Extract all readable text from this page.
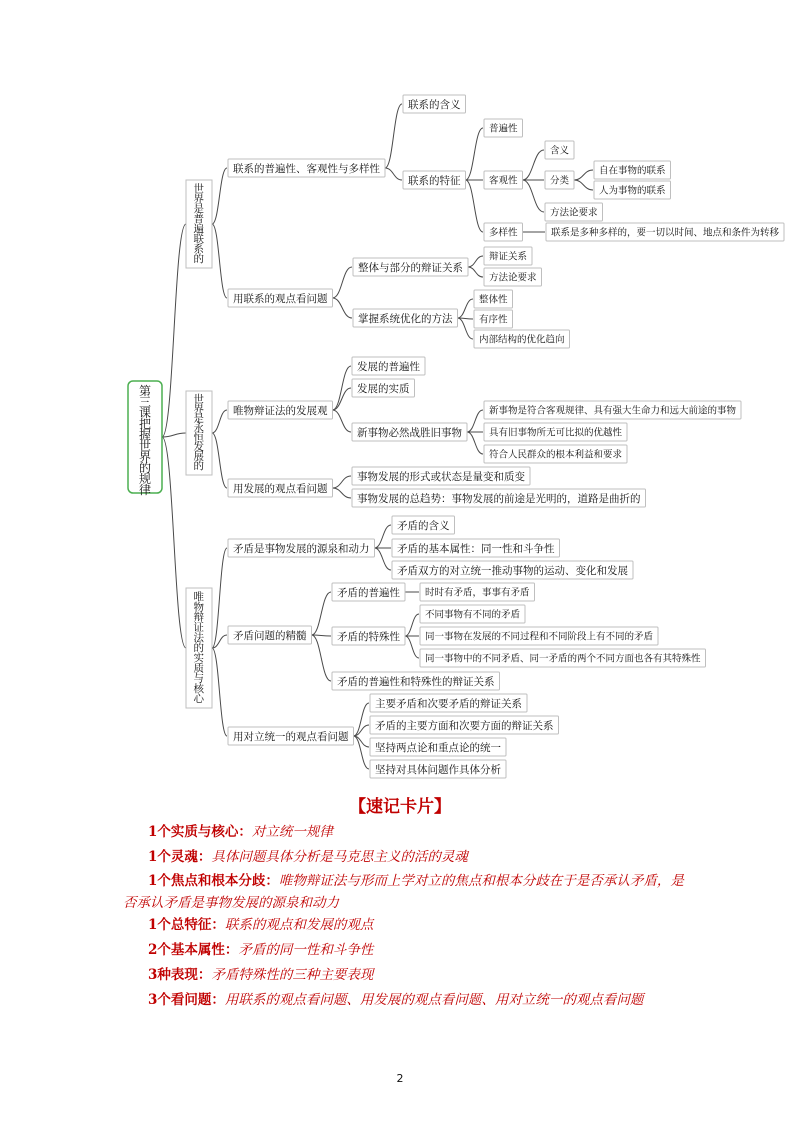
第三课把握世界的规律
世界是普遍联系的
联系的普遍性、客观性与多样性
联系的含义
联系的特征
普遍性
客观性
含义
分类
自在事物的联系
人为事物的联系
方法论要求
多样性	联系是多种多样的，要一切以时间、地点和条件为转移
用联系的观点看问题
整体与部分的辩证关系
辩证关系
方法论要求
掌握系统优化的方法
整体性
有序性
内部结构的优化趋向
世界是永恒发展的
唯物辩证法的发展观
发展的普遍性
发展的实质
新事物必然战胜旧事物
新事物是符合客观规律、具有强大生命力和远大前途的事物
具有旧事物所无可比拟的优越性
符合人民群众的根本利益和要求
用发展的观点看问题
事物发展的形式或状态是量变和质变
事物发展的总趋势：事物发展的前途是光明的，道路是曲折的
唯物辩证法的实质与核心
矛盾是事物发展的源泉和动力
矛盾的含义
矛盾的基本属性：同一性和斗争性
矛盾双方的对立统一推动事物的运动、变化和发展
矛盾问题的精髓
矛盾的普遍性	时时有矛盾，事事有矛盾
矛盾的特殊性
不同事物有不同的矛盾
同一事物在发展的不同过程和不同阶段上有不同的矛盾
同一事物中的不同矛盾、同一矛盾的两个不同方面也各有其特殊性
矛盾的普遍性和特殊性的辩证关系
用对立统一的观点看问题
主要矛盾和次要矛盾的辩证关系
矛盾的主要方面和次要方面的辩证关系
坚持两点论和重点论的统一
坚持对具体问题作具体分析
【速记卡片】
1个实质与核心：对立统一规律
1个灵魂：具体问题具体分析是马克思主义的活的灵魂
1个焦点和根本分歧：唯物辩证法与形而上学对立的焦点和根本分歧在于是否承认矛盾，是否承认矛盾是事物发展的源泉和动力
1个总特征：联系的观点和发展的观点
2个基本属性：矛盾的同一性和斗争性
3种表现：矛盾特殊性的三种主要表现
3个看问题：用联系的观点看问题、用发展的观点看问题、用对立统一的观点看问题
2
